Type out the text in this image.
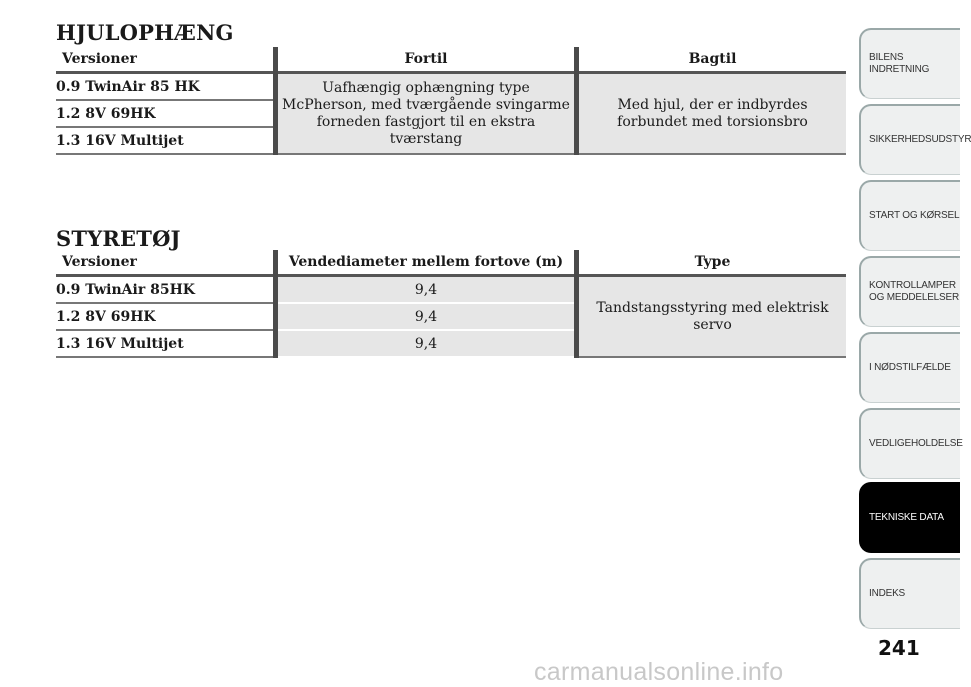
HJULOPHÆNG
Versioner	Fortil	Bagtil
0.9 TwinAir 85 HK	Uafhængig ophængning type McPherson, med tværgående svingarme forneden fastgjort til en ekstra tværstang	Med hjul, der er indbyrdes forbundet med torsionsbro
1.2 8V 69HK		
1.3 16V Multijet		
STYRETØJ
Versioner	Vendediameter mellem fortove (m)	Type
0.9 TwinAir 85HK	9,4	Tandstangsstyring med elektrisk servo
1.2 8V 69HK	9,4	
1.3 16V Multijet	9,4	
BILENS INDRETNING
SIKKERHEDSUDSTYR
START OG KØRSEL
KONTROLLAMPER OG MEDDELELSER
I NØDSTILFÆLDE
VEDLIGEHOLDELSE
TEKNISKE DATA
INDEKS
241
carmanualsonline.info
